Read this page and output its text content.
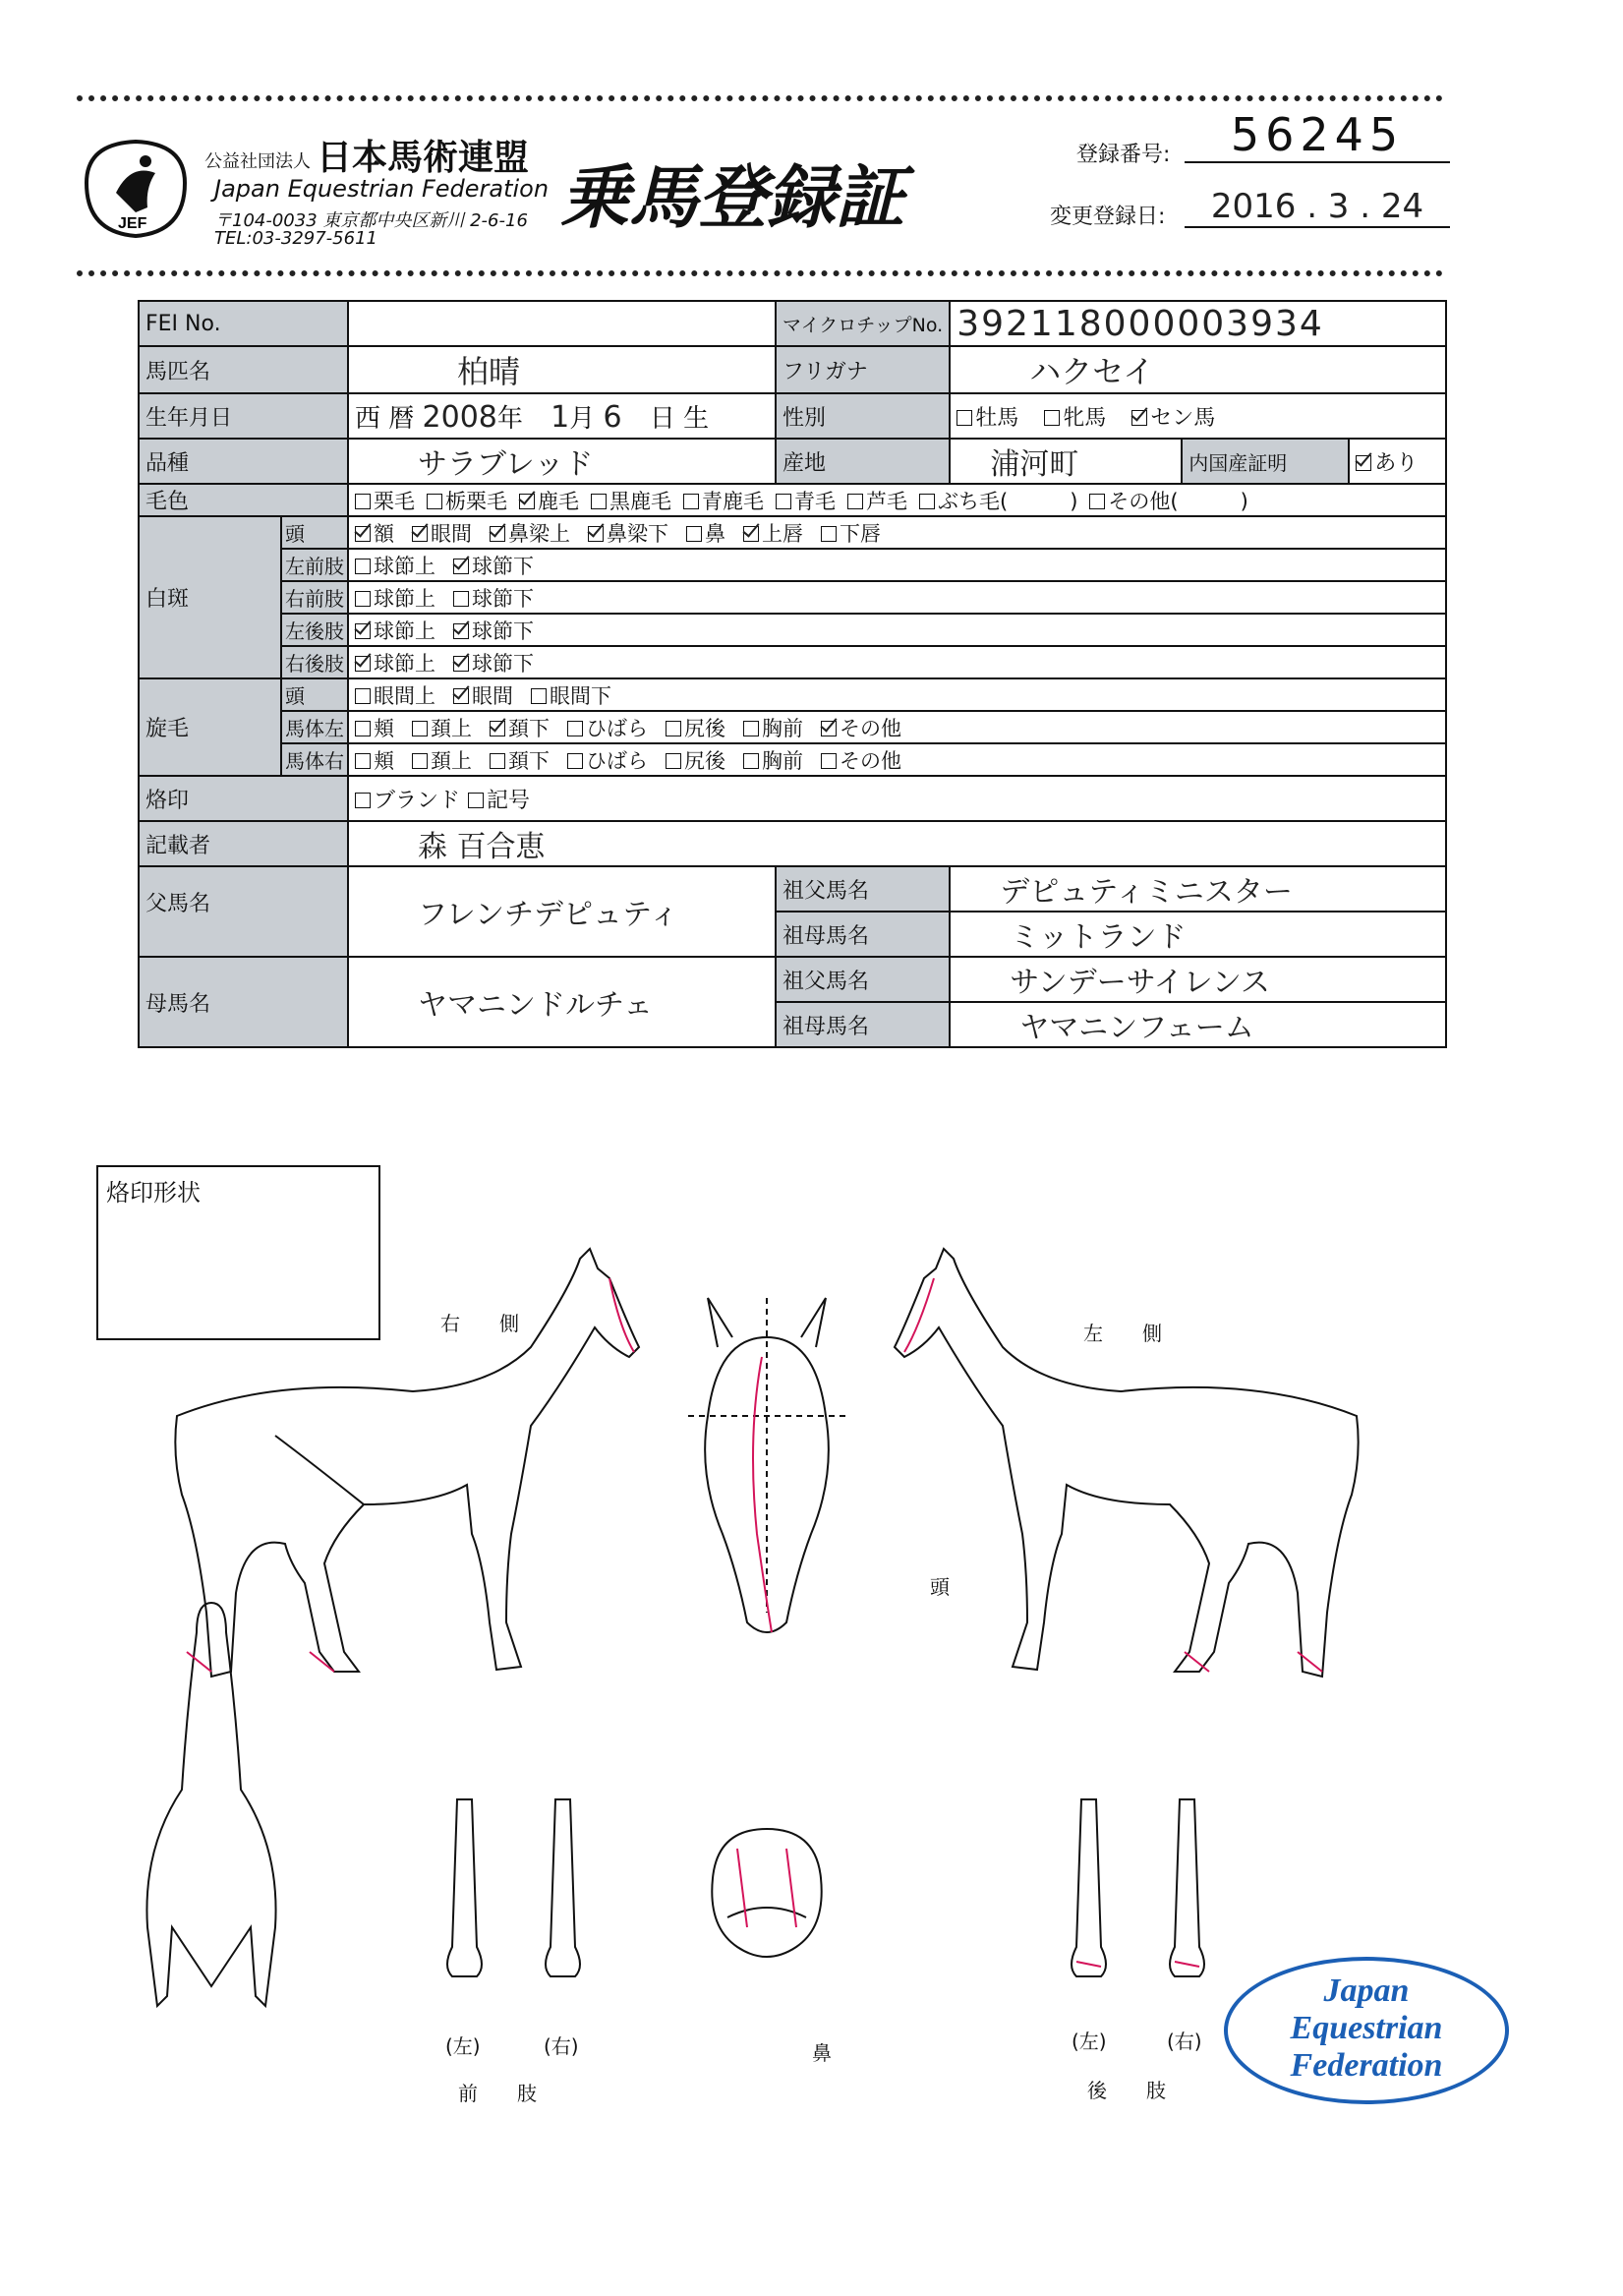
JEF
公益社団法人 日本馬術連盟
Japan Equestrian Federation
〒104-0033 東京都中央区新川 2-6-16
TEL:03-3297-5611
乗馬登録証
登録番号:	56245
変更登録日:	2016 . 3 . 24
FEI No.			マイクロチップNo.	392118000003934		
馬匹名		柏晴	フリガナ	ハクセイ		
生年月日		西 暦 2008年 1月 6 日 生	性別	牡馬 牝馬 セン馬		
品種		サラブレッド	産地	浦河町	内国産証明	あり
毛色		栗毛 栃栗毛 鹿毛 黒鹿毛 青鹿毛 青毛 芦毛 ぶち毛(　　　) その他(　　　)				
白斑	頭	額 眼間 鼻梁上 鼻梁下 鼻 上唇 下唇				
	左前肢	球節上 球節下				
	右前肢	球節上 球節下				
	左後肢	球節上 球節下				
	右後肢	球節上 球節下				
旋毛	頭	眼間上 眼間 眼間下				
	馬体左	頬 頚上 頚下 ひばら 尻後 胸前 その他				
	馬体右	頬 頚上 頚下 ひばら 尻後 胸前 その他				
烙印		ブランド 記号				
記載者		森 百合恵				
父馬名		フレンチデピュティ	祖父馬名	デピュティミニスター		
			祖母馬名	ミットランド		
母馬名		ヤマニンドルチェ	祖父馬名	サンデーサイレンス		
			祖母馬名	ヤマニンフェーム		
烙印形状
右　　側	左　　側
頭
鼻
(左)	(右)
前　　肢
(左)	(右)
後　　肢
Japan
Equestrian
Federation
